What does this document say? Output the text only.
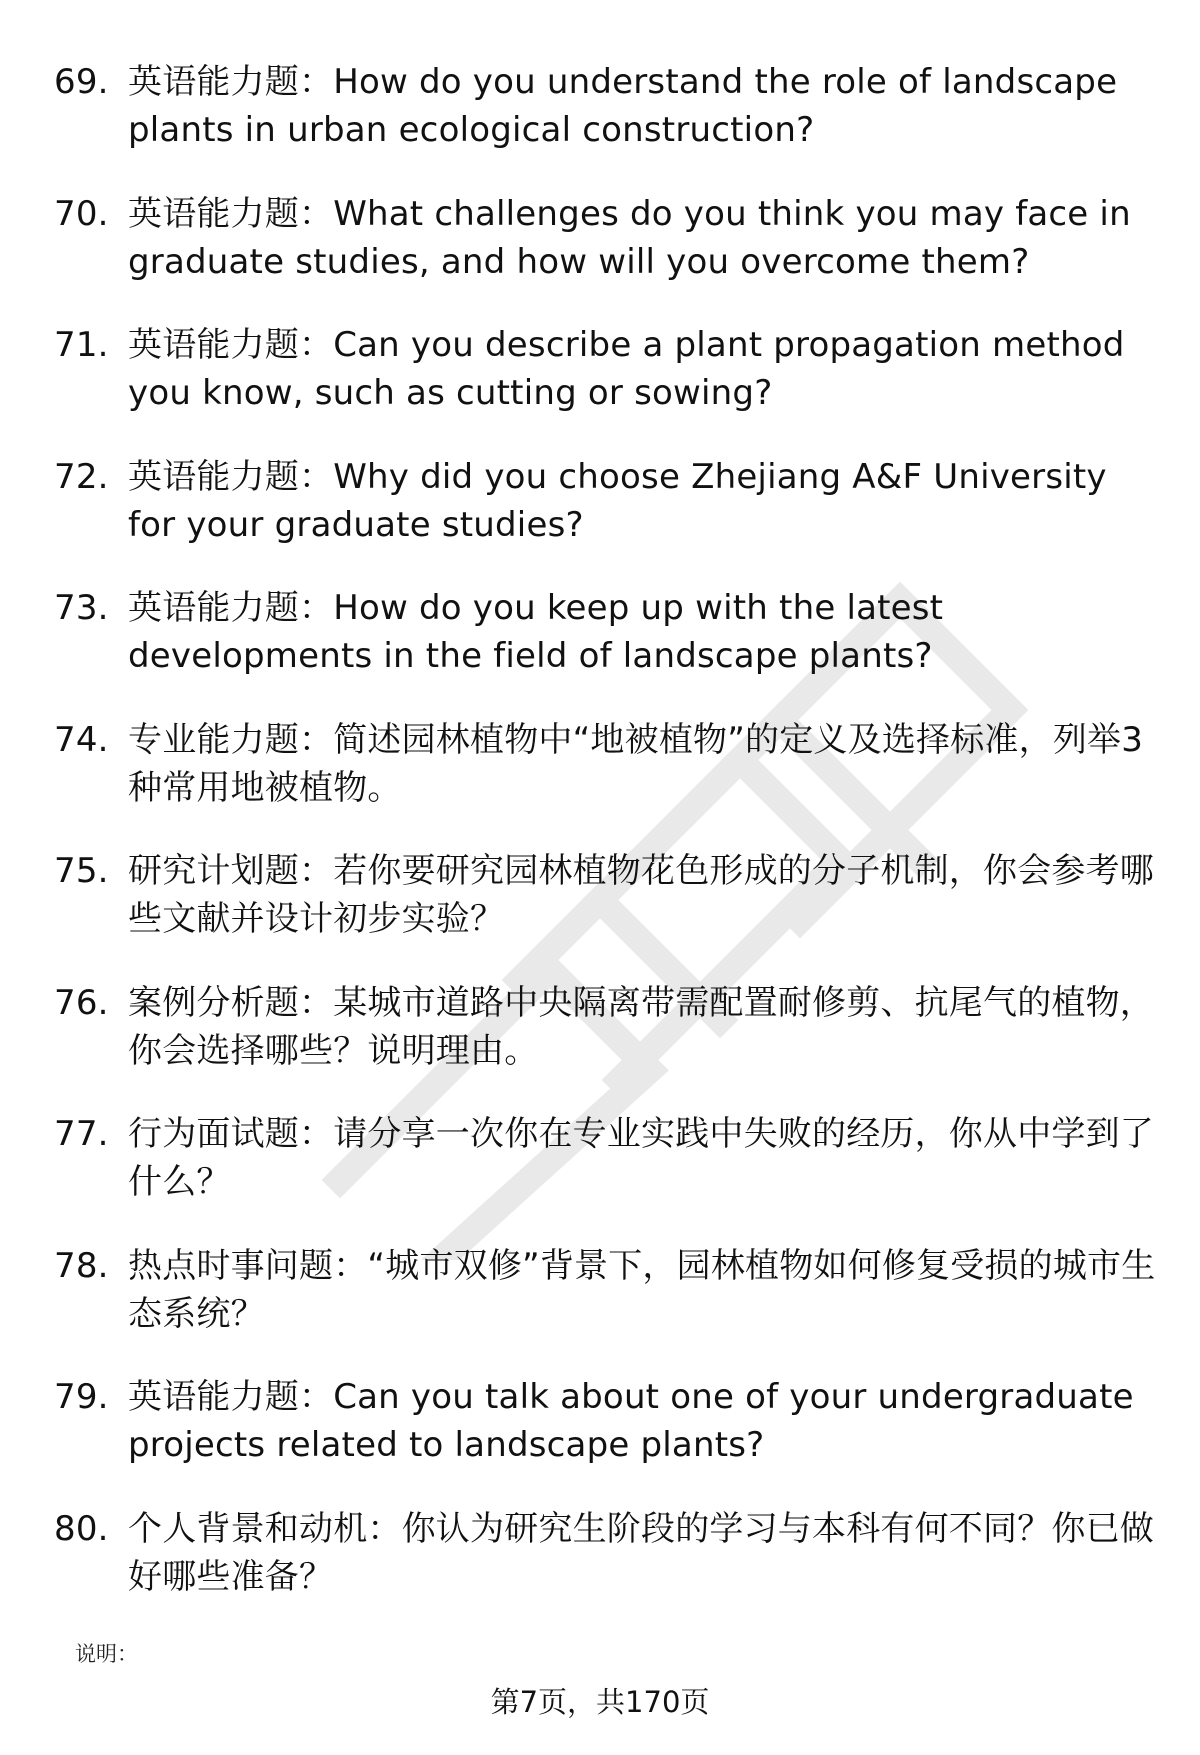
69. 英语能力题：How do you understand the role of landscape plants in urban ecological construction?
70. 英语能力题：What challenges do you think you may face in graduate studies, and how will you overcome them?
71. 英语能力题：Can you describe a plant propagation method you know, such as cutting or sowing?
72. 英语能力题：Why did you choose Zhejiang A&F University for your graduate studies?
73. 英语能力题：How do you keep up with the latest developments in the field of landscape plants?
74. 专业能力题：简述园林植物中“地被植物”的定义及选择标准，列举3种常用地被植物。
75. 研究计划题：若你要研究园林植物花色形成的分子机制，你会参考哪些文献并设计初步实验？
76. 案例分析题：某城市道路中央隔离带需配置耐修剪、抗尾气的植物，你会选择哪些？说明理由。
77. 行为面试题：请分享一次你在专业实践中失败的经历，你从中学到了什么？
78. 热点时事问题：“城市双修”背景下，园林植物如何修复受损的城市生态系统？
79. 英语能力题：Can you talk about one of your undergraduate projects related to landscape plants?
80. 个人背景和动机：你认为研究生阶段的学习与本科有何不同？你已做好哪些准备？
说明：
第7页，共170页
